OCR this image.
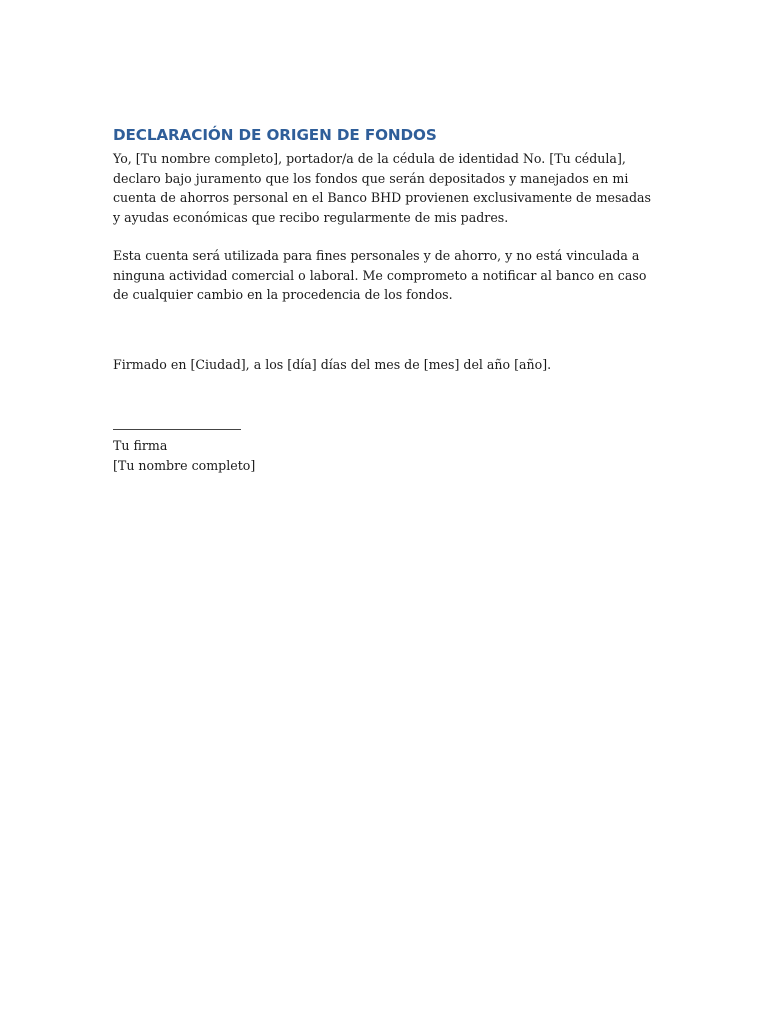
DECLARACIÓN DE ORIGEN DE FONDOS

Yo, [Tu nombre completo], portador/a de la cédula de identidad No. [Tu cédula], declaro bajo juramento que los fondos que serán depositados y manejados en mi cuenta de ahorros personal en el Banco BHD provienen exclusivamente de mesadas y ayudas económicas que recibo regularmente de mis padres.

Esta cuenta será utilizada para fines personales y de ahorro, y no está vinculada a ninguna actividad comercial o laboral. Me comprometo a notificar al banco en caso de cualquier cambio en la procedencia de los fondos.

Firmado en [Ciudad], a los [día] días del mes de [mes] del año [año].

Tu firma

[Tu nombre completo]
